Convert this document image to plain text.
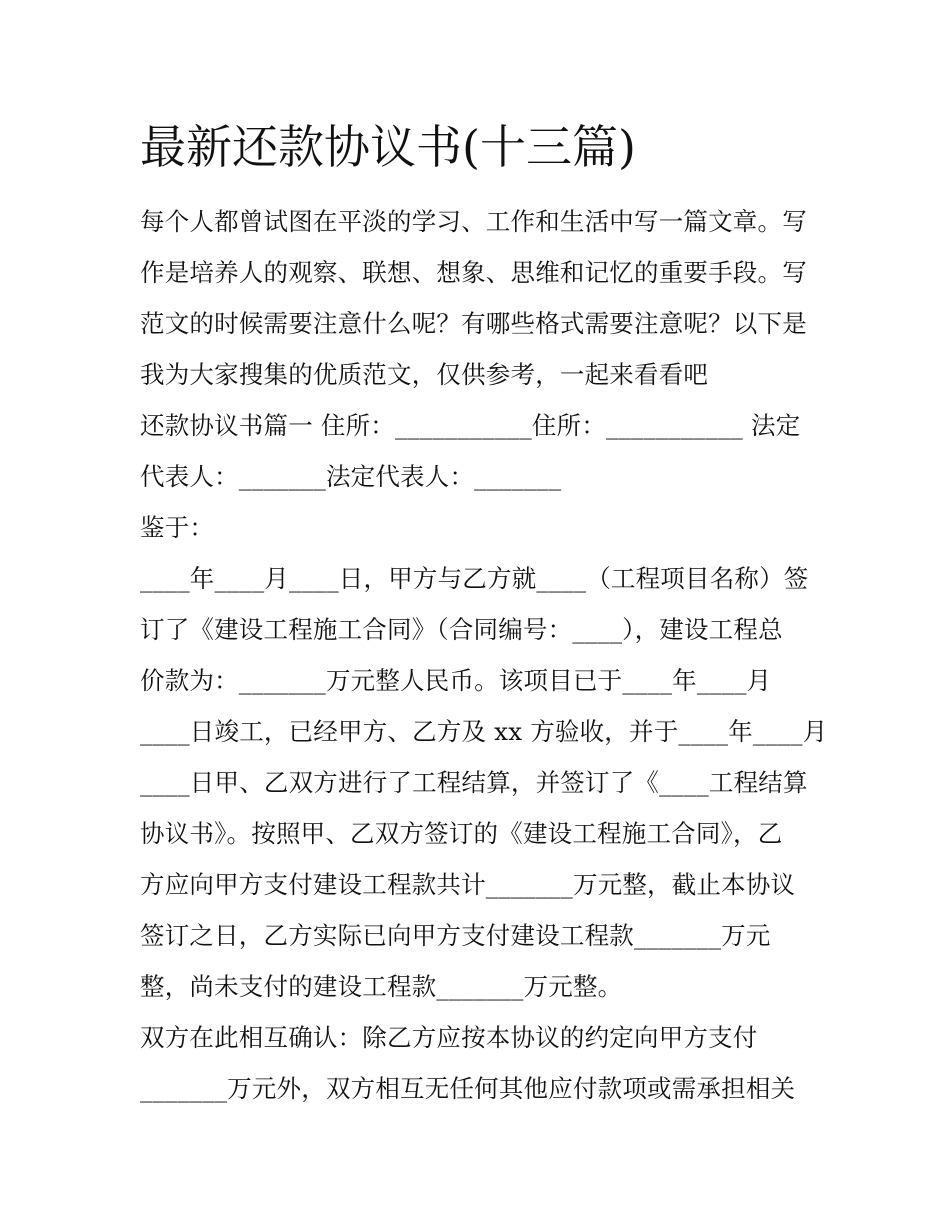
最新还款协议书(十三篇)

每个人都曾试图在平淡的学习、工作和生活中写一篇文章。写

作是培养人的观察、联想、想象、思维和记忆的重要手段。写

范文的时候需要注意什么呢？有哪些格式需要注意呢？以下是

我为大家搜集的优质范文，仅供参考，一起来看看吧

还款协议书篇一 住所：___________住所：___________ 法定

代表人：_______法定代表人：_______

鉴于：

____年____月____日，甲方与乙方就____（工程项目名称）签

订了《建设工程施工合同》（合同编号：____），建设工程总

价款为：_______万元整人民币。该项目已于____年____月

____日竣工，已经甲方、乙方及 xx 方验收，并于____年____月

____日甲、乙双方进行了工程结算，并签订了《____工程结算

协议书》。按照甲、乙双方签订的《建设工程施工合同》，乙

方应向甲方支付建设工程款共计_______万元整，截止本协议

签订之日，乙方实际已向甲方支付建设工程款_______万元

整，尚未支付的建设工程款_______万元整。

双方在此相互确认：除乙方应按本协议的约定向甲方支付

_______万元外，双方相互无任何其他应付款项或需承担相关
